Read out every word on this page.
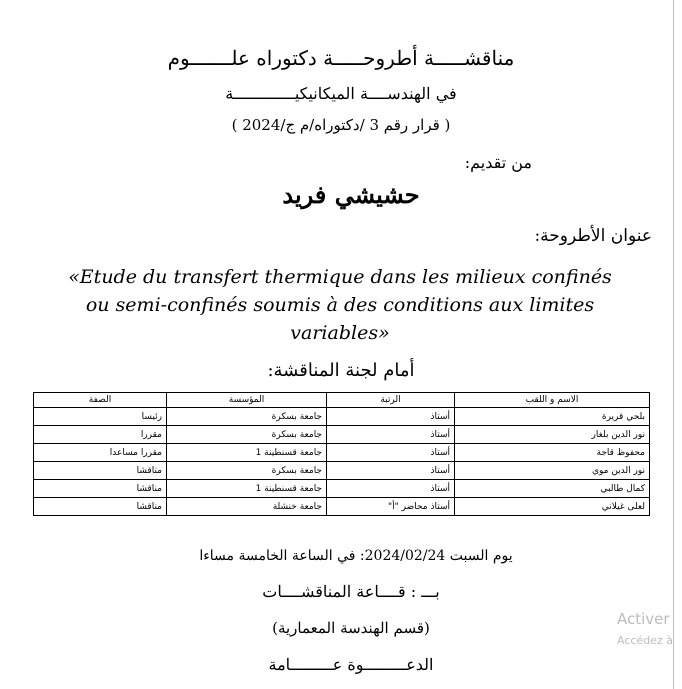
مناقشـــــة أطروحـــــة دكتوراه علـــــــوم
في الهندســــة الميكانيكيـــــــــــــة
( قرار رقم 3 /دكتوراه/م ج/2024 )
من تقديم:
حشيشي فريد
عنوان الأطروحة:
«Etude du transfert thermique dans les milieux confinés ou semi-confinés soumis à des conditions aux limites variables»
أمام لجنة المناقشة:
الاسم و اللقب	الرتبة	المؤسسة	الصفة
بلحي قريرة	أستاذ	جامعة بسكرة	رئيسا
نور الدين بلغار	أستاذ	جامعة بسكرة	مقررا
محفوظ قاجة	أستاذ	جامعة قسنطينة 1	مقررا مساعدا
نور الدين موي	أستاذ	جامعة بسكرة	مناقشا
كمال طالبي	أستاذ	جامعة قسنطينة 1	مناقشا
لعلى غيلاني	أستاذ محاضر "أ"	جامعة خنشلة	مناقشا
يوم السبت 2024/02/24: في الساعة الخامسة مساءا
بـــ : قــــاعة المناقشــــات
(قسم الهندسة المعمارية)
الدعـــــــــوة عـــــــــامة
Activer
Accédez à
